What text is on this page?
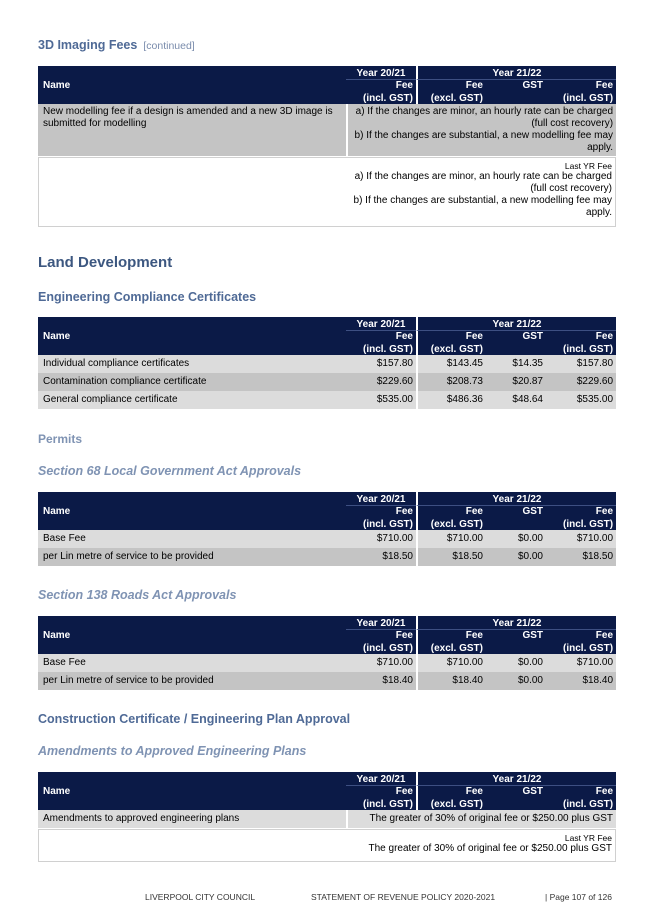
3D Imaging Fees [continued]
Name	Year 20/21	Year 21/22		
	Fee	Fee	GST	Fee
	(incl. GST)	(excl. GST)		(incl. GST)
New modelling fee if a design is amended and a new 3D image is submitted for modelling	a) If the changes are minor, an hourly rate can be charged (full cost recovery)
b) If the changes are substantial, a new modelling fee may apply.			
Last YR Fee
a) If the changes are minor, an hourly rate can be charged (full cost recovery)
b) If the changes are substantial, a new modelling fee may apply.
Land Development
Engineering Compliance Certificates
Name	Year 20/21	Year 21/22		
	Fee	Fee	GST	Fee
	(incl. GST)	(excl. GST)		(incl. GST)
Individual compliance certificates	$157.80	$143.45	$14.35	$157.80
Contamination compliance certificate	$229.60	$208.73	$20.87	$229.60
General compliance certificate	$535.00	$486.36	$48.64	$535.00
Permits
Section 68 Local Government Act Approvals
Name	Year 20/21	Year 21/22		
	Fee	Fee	GST	Fee
	(incl. GST)	(excl. GST)		(incl. GST)
Base Fee	$710.00	$710.00	$0.00	$710.00
per Lin metre of service to be provided	$18.50	$18.50	$0.00	$18.50
Section 138 Roads Act Approvals
Name	Year 20/21	Year 21/22		
	Fee	Fee	GST	Fee
	(incl. GST)	(excl. GST)		(incl. GST)
Base Fee	$710.00	$710.00	$0.00	$710.00
per Lin metre of service to be provided	$18.40	$18.40	$0.00	$18.40
Construction Certificate / Engineering Plan Approval
Amendments to Approved Engineering Plans
Name	Year 20/21	Year 21/22		
	Fee	Fee	GST	Fee
	(incl. GST)	(excl. GST)		(incl. GST)
Amendments to approved engineering plans	The greater of 30% of original fee or $250.00 plus GST			
Last YR Fee
The greater of 30% of original fee or $250.00 plus GST
LIVERPOOL CITY COUNCIL	STATEMENT OF REVENUE POLICY 2020-2021	| Page 107 of 126
